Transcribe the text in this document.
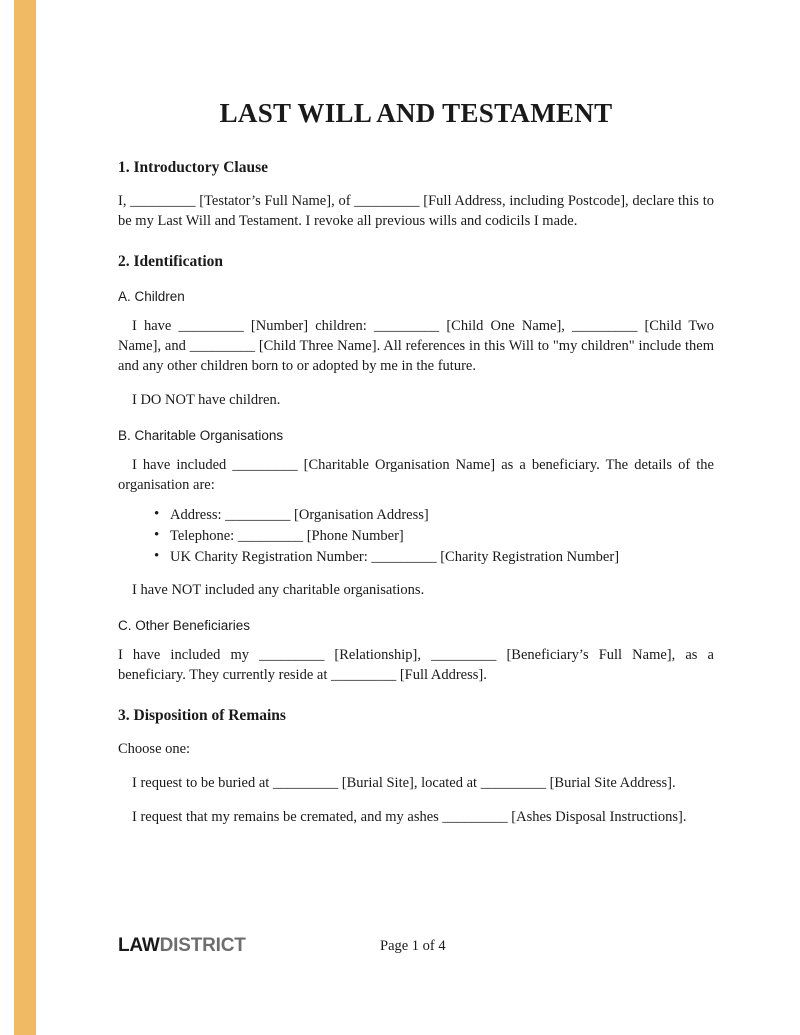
LAST WILL AND TESTAMENT
1. Introductory Clause

I, _________ [Testator’s Full Name], of _________ [Full Address, including Postcode], declare this to be my Last Will and Testament. I revoke all previous wills and codicils I made.

2. Identification
A. Children

I have _________ [Number] children: _________ [Child One Name], _________ [Child Two Name], and _________ [Child Three Name]. All references in this Will to "my children" include them and any other children born to or adopted by me in the future.

I DO NOT have children.

B. Charitable Organisations

I have included _________ [Charitable Organisation Name] as a beneficiary. The details of the organisation are:

• Address: _________ [Organisation Address]
• Telephone: _________ [Phone Number]
• UK Charity Registration Number: _________ [Charity Registration Number]

I have NOT included any charitable organisations.

C. Other Beneficiaries

I have included my _________ [Relationship], _________ [Beneficiary’s Full Name], as a beneficiary. They currently reside at _________ [Full Address].

3. Disposition of Remains

Choose one:

I request to be buried at _________ [Burial Site], located at _________ [Burial Site Address].

I request that my remains be cremated, and my ashes _________ [Ashes Disposal Instructions].

LAWDISTRICT	Page 1 of 4
